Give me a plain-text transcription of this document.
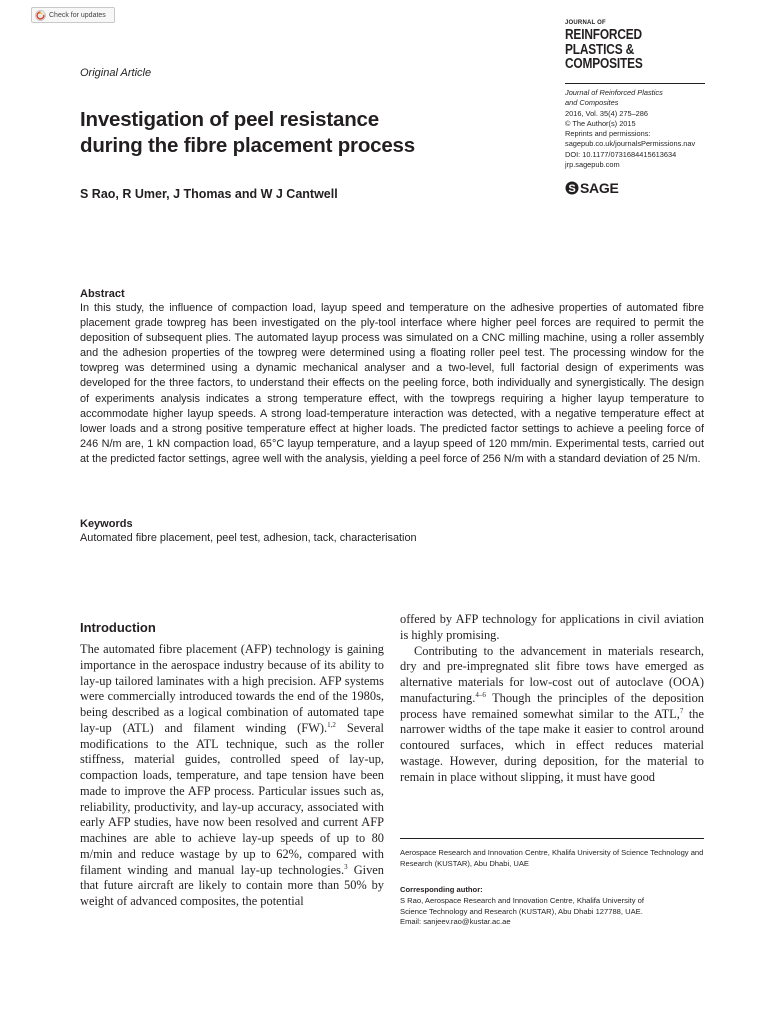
Check for updates
JOURNAL OF
REINFORCED
PLASTICS &
COMPOSITES
Original Article
Journal of Reinforced Plastics
and Composites
2016, Vol. 35(4) 275–286
© The Author(s) 2015
Reprints and permissions:
sagepub.co.uk/journalsPermissions.nav
DOI: 10.1177/0731684415613634
jrp.sagepub.com
S SAGE
Investigation of peel resistance
during the fibre placement process
S Rao, R Umer, J Thomas and W J Cantwell
Abstract
In this study, the influence of compaction load, layup speed and temperature on the adhesive properties of automated fibre placement grade towpreg has been investigated on the ply-tool interface where higher peel forces are required to permit the deposition of subsequent plies. The automated layup process was simulated on a CNC milling machine, using a roller assembly and the adhesion properties of the towpreg were determined using a floating roller peel test. The processing window for the towpreg was determined using a dynamic mechanical analyser and a two-level, full factorial design of experiments was developed for the three factors, to understand their effects on the peeling force, both individually and synergistically. The design of experiments analysis indicates a strong temperature effect, with the towpregs requiring a higher layup temperature to accommodate higher layup speeds. A strong load-temperature interaction was detected, with a negative temperature effect at lower loads and a strong positive temperature effect at higher loads. The predicted factor settings to achieve a peeling force of 246 N/m are, 1 kN compaction load, 65°C layup temperature, and a layup speed of 120 mm/min. Experimental tests, carried out at the predicted factor settings, agree well with the analysis, yielding a peel force of 256 N/m with a standard deviation of 25 N/m.
Keywords
Automated fibre placement, peel test, adhesion, tack, characterisation
Introduction

The automated fibre placement (AFP) technology is gaining importance in the aerospace industry because of its ability to lay-up tailored laminates with a high precision. AFP systems were commercially introduced towards the end of the 1980s, being described as a logical combination of automated tape lay-up (ATL) and filament winding (FW).$^{1,2}$ Several modifications to the ATL technique, such as the roller stiffness, material guides, controlled speed of lay-up, compaction loads, temperature, and tape tension have been made to improve the AFP process. Particular issues such as, reliability, productivity, and lay-up accuracy, associated with early AFP studies, have now been resolved and current AFP machines are able to achieve lay-up speeds of up to 80 m/min and reduce wastage by up to 62%, compared with filament winding and manual lay-up technologies.$^3$ Given that future aircraft are likely to contain more than 50% by weight of advanced composites, the potential

offered by AFP technology for applications in civil aviation is highly promising.

Contributing to the advancement in materials research, dry and pre-impregnated slit fibre tows have emerged as alternative materials for low-cost out of autoclave (OOA) manufacturing.$^{4-6}$ Though the principles of the deposition process have remained somewhat similar to the ATL,$^7$ the narrower widths of the tape make it easier to control around contoured surfaces, which in effect reduces material wastage. However, during deposition, for the material to remain in place without slipping, it must have good

Aerospace Research and Innovation Centre, Khalifa University of Science Technology and Research (KUSTAR), Abu Dhabi, UAE
Corresponding author:
S Rao, Aerospace Research and Innovation Centre, Khalifa University of
Science Technology and Research (KUSTAR), Abu Dhabi 127788, UAE.
Email: sanjeev.rao@kustar.ac.ae
